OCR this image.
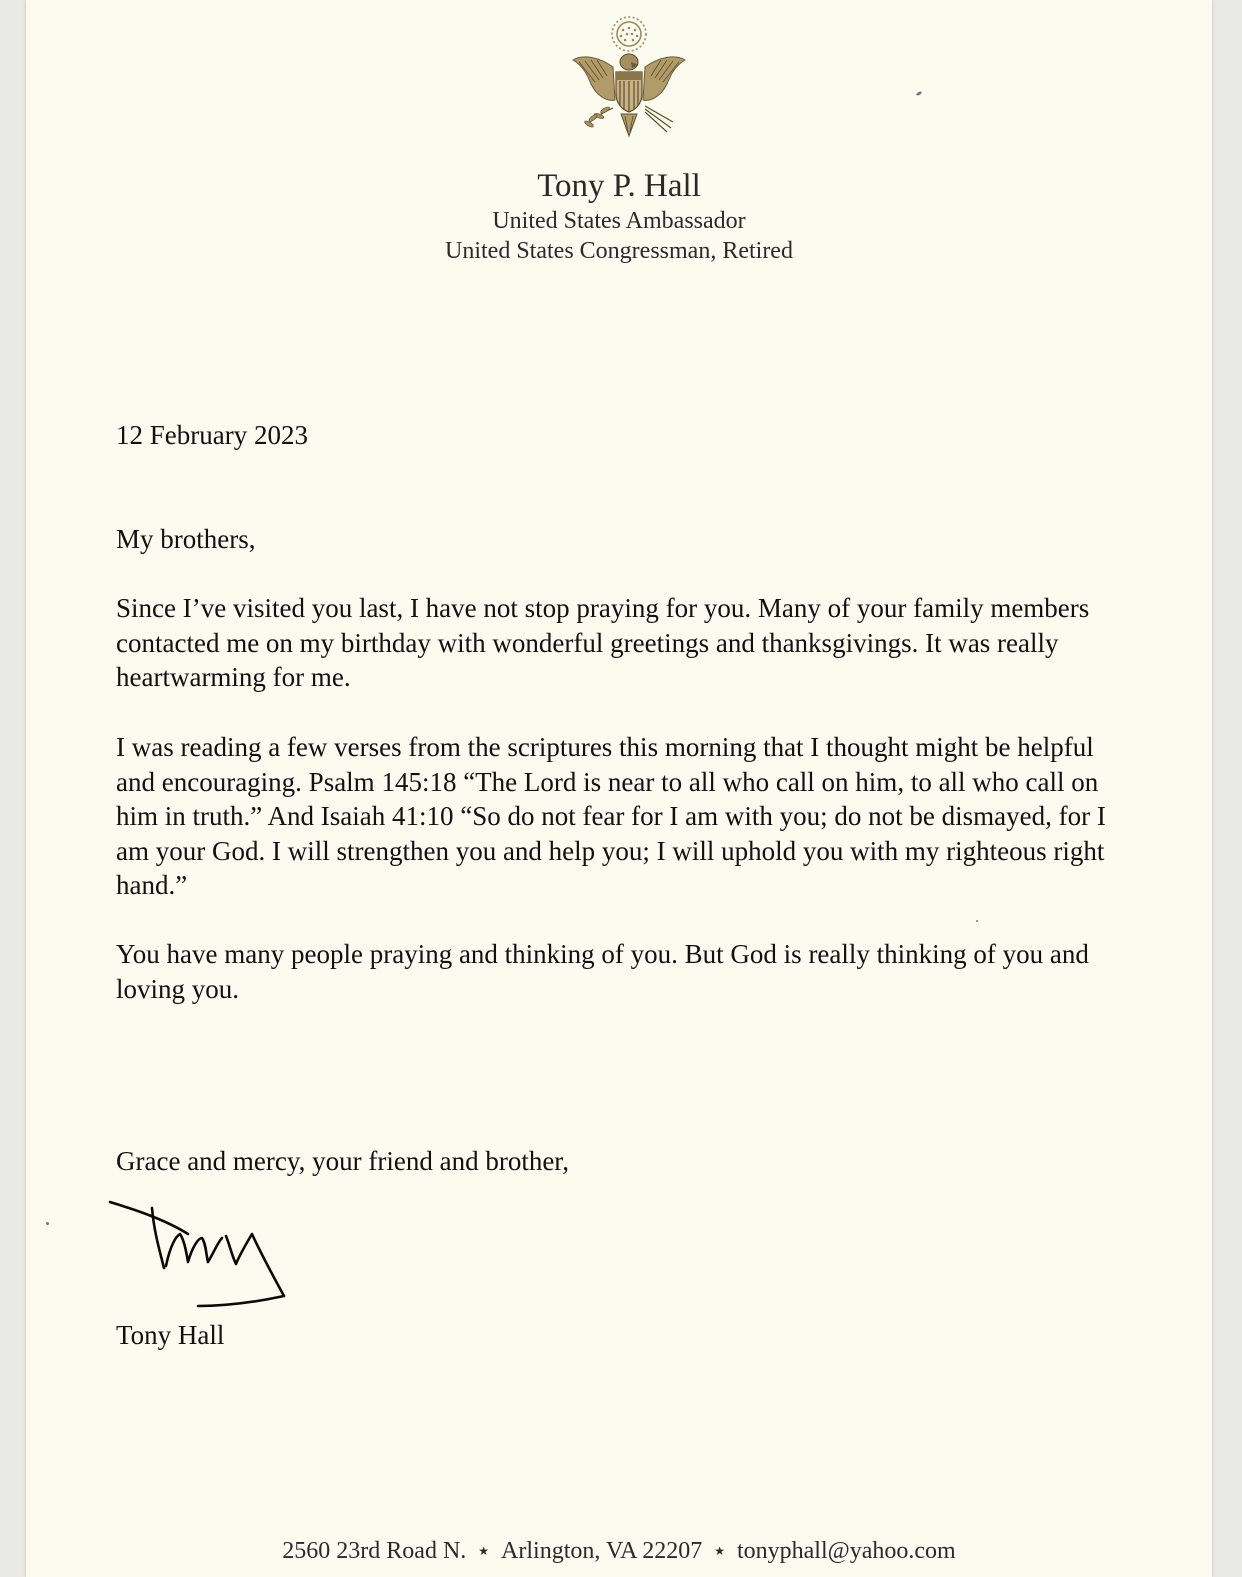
Tony P. Hall
United States Ambassador
United States Congressman, Retired
12 February 2023
My brothers,
Since I’ve visited you last, I have not stop praying for you. Many of your family members contacted me on my birthday with wonderful greetings and thanksgivings. It was really heartwarming for me.
I was reading a few verses from the scriptures this morning that I thought might be helpful and encouraging. Psalm 145:18 “The Lord is near to all who call on him, to all who call on him in truth.” And Isaiah 41:10 “So do not fear for I am with you; do not be dismayed, for I am your God. I will strengthen you and help you; I will uphold you with my righteous right hand.”
You have many people praying and thinking of you. But God is really thinking of you and loving you.
Grace and mercy, your friend and brother,
Tony Hall
2560 23rd Road N. ★ Arlington, VA 22207 ★ tonyphall@yahoo.com
